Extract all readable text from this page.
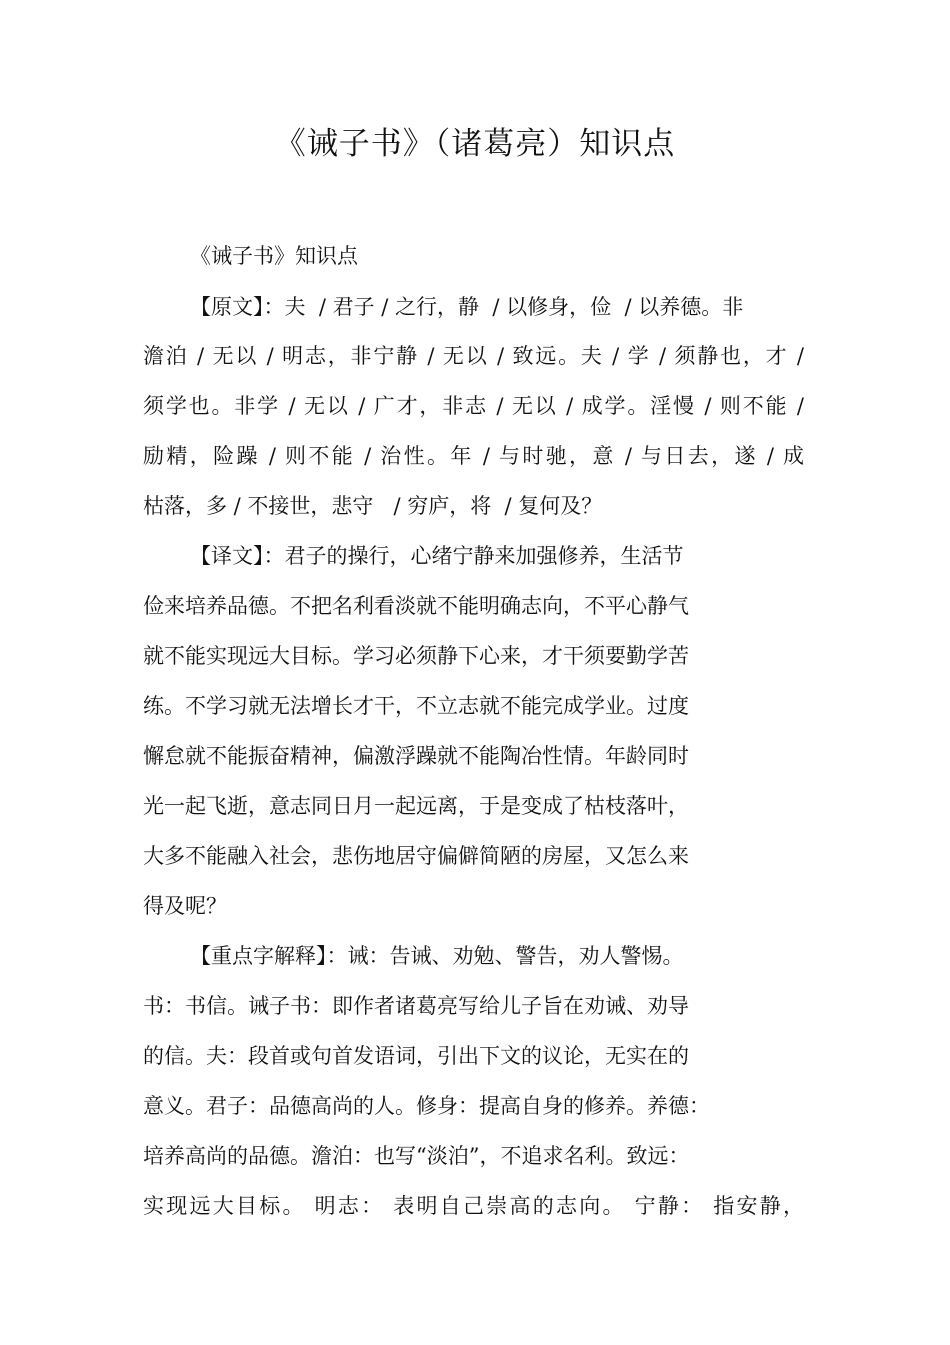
《诫子书》（诸葛亮）知识点

《诫子书》知识点

【原文】：夫  / 君子 / 之行，静  / 以修身，俭  / 以养德。非

澹泊 / 无以 / 明志，非宁静 / 无以 / 致远。夫 / 学 / 须静也，才 /

须学也。非学 / 无以 / 广才，非志 / 无以 / 成学。淫慢 / 则不能 /

励精，险躁 / 则不能 / 治性。年 / 与时驰，意 / 与日去，遂 / 成

枯落，多 / 不接世，悲守   / 穷庐，将  / 复何及？

【译文】：君子的操行，心绪宁静来加强修养，生活节

俭来培养品德。不把名利看淡就不能明确志向，不平心静气

就不能实现远大目标。学习必须静下心来，才干须要勤学苦

练。不学习就无法增长才干，不立志就不能完成学业。过度

懈怠就不能振奋精神，偏激浮躁就不能陶冶性情。年龄同时

光一起飞逝，意志同日月一起远离，于是变成了枯枝落叶，

大多不能融入社会，悲伤地居守偏僻简陋的房屋，又怎么来

得及呢？

【重点字解释】：诫：告诫、劝勉、警告，劝人警惕。

书：书信。诫子书：即作者诸葛亮写给儿子旨在劝诫、劝导

的信。夫：段首或句首发语词，引出下文的议论，无实在的

意义。君子：品德高尚的人。修身：提高自身的修养。养德：

培养高尚的品德。澹泊：也写“淡泊”，不追求名利。致远：

实现远大目标。 明志： 表明自己崇高的志向。 宁静： 指安静，
